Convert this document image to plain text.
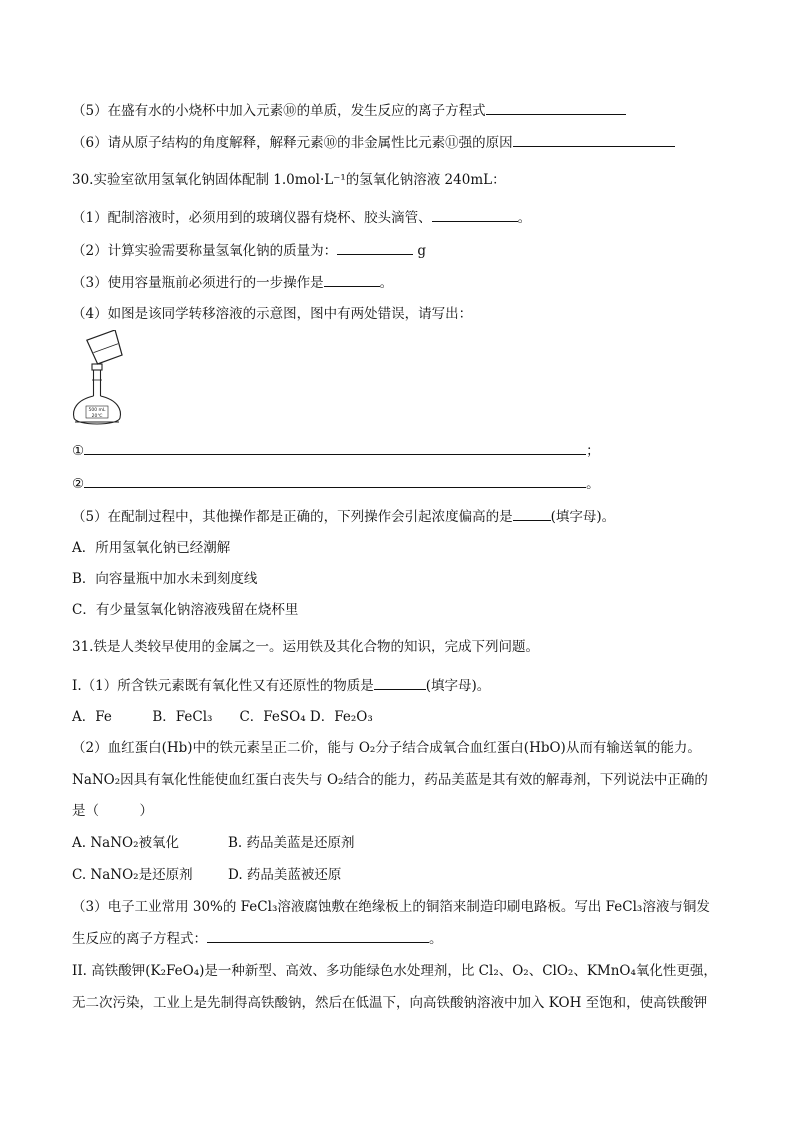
（5）在盛有水的小烧杯中加入元素⑩的单质，发生反应的离子方程式
（6）请从原子结构的角度解释，解释元素⑩的非金属性比元素⑪强的原因
30.实验室欲用氢氧化钠固体配制 1.0mol·L⁻¹的氢氧化钠溶液 240mL：
（1）配制溶液时，必须用到的玻璃仪器有烧杯、胶头滴管、	。
（2）计算实验需要称量氢氧化钠的质量为：	g
（3）使用容量瓶前必须进行的一步操作是	。
（4）如图是该同学转移溶液的示意图，图中有两处错误，请写出：
500 mL
20℃
①	；
②	。
（5）在配制过程中，其他操作都是正确的，下列操作会引起浓度偏高的是	(填字母)。
A．所用氢氧化钠已经潮解
B．向容量瓶中加水未到刻度线
C．有少量氢氧化钠溶液残留在烧杯里
31.铁是人类较早使用的金属之一。运用铁及其化合物的知识，完成下列问题。
I.（1）所含铁元素既有氧化性又有还原性的物质是	(填字母)。
A．Fe　　　B．FeCl₃　　C．FeSO₄ D．Fe₂O₃
（2）血红蛋白(Hb)中的铁元素呈正二价，能与 O₂分子结合成氧合血红蛋白(HbO)从而有输送氧的能力。
NaNO₂因具有氧化性能使血红蛋白丧失与 O₂结合的能力，药品美蓝是其有效的解毒剂，下列说法中正确的
是（　　　）
A. NaNO₂被氧化	B. 药品美蓝是还原剂
C. NaNO₂是还原剂	D. 药品美蓝被还原
（3）电子工业常用 30%的 FeCl₃溶液腐蚀敷在绝缘板上的铜箔来制造印刷电路板。写出 FeCl₃溶液与铜发
生反应的离子方程式：	。
II. 高铁酸钾(K₂FeO₄)是一种新型、高效、多功能绿色水处理剂，比 Cl₂、O₂、ClO₂、KMnO₄氧化性更强，
无二次污染，工业上是先制得高铁酸钠，然后在低温下，向高铁酸钠溶液中加入 KOH 至饱和，使高铁酸钾
